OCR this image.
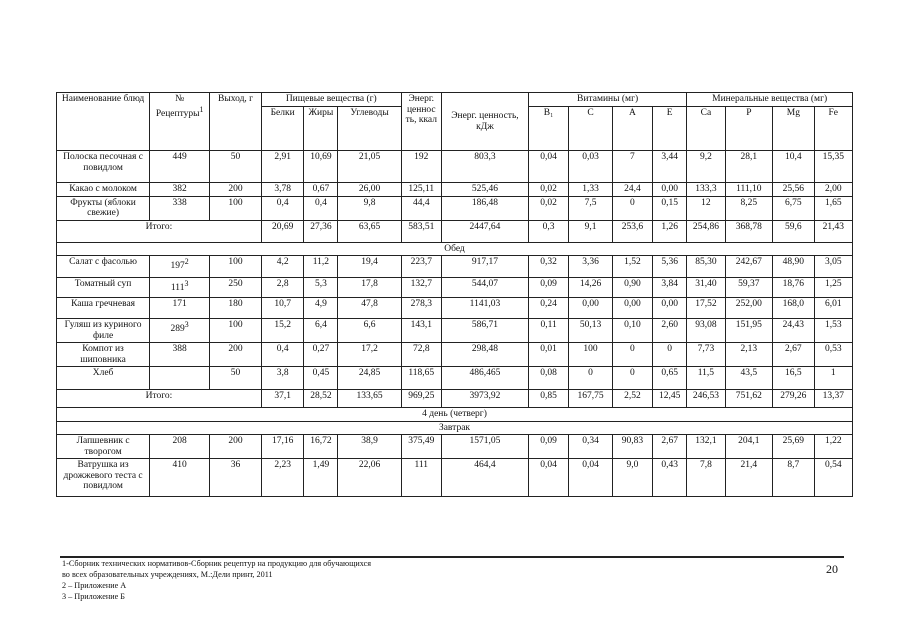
Наименование блюд	№ Рецептуры$^1$	Выход, г	Пищевые вещества (г)			Энерг. ценнос ть, ккал	Энерг. ценность, кДж	Витамины (мг)				Минеральные вещества (мг)			
			Белки	Жиры	Углеводы			B₁	C	A	E	Ca	P	Mg	Fe
Полоска песочная с повидлом	449	50	2,91	10,69	21,05	192	803,3	0,04	0,03	7	3,44	9,2	28,1	10,4	15,35
Какао с молоком	382	200	3,78	0,67	26,00	125,11	525,46	0,02	1,33	24,4	0,00	133,3	111,10	25,56	2,00
Фрукты (яблоки свежие)	338	100	0,4	0,4	9,8	44,4	186,48	0,02	7,5	0	0,15	12	8,25	6,75	1,65
Итого:			20,69	27,36	63,65	583,51	2447,64	0,3	9,1	253,6	1,26	254,86	368,78	59,6	21,43
Обед															
Салат с фасолью	$197^2$	100	4,2	11,2	19,4	223,7	917,17	0,32	3,36	1,52	5,36	85,30	242,67	48,90	3,05
Томатный суп	$111^3$	250	2,8	5,3	17,8	132,7	544,07	0,09	14,26	0,90	3,84	31,40	59,37	18,76	1,25
Каша гречневая	171	180	10,7	4,9	47,8	278,3	1141,03	0,24	0,00	0,00	0,00	17,52	252,00	168,0	6,01
Гуляш из куриного филе	$289^3$	100	15,2	6,4	6,6	143,1	586,71	0,11	50,13	0,10	2,60	93,08	151,95	24,43	1,53
Компот из шиповника	388	200	0,4	0,27	17,2	72,8	298,48	0,01	100	0	0	7,73	2,13	2,67	0,53
Хлеб		50	3,8	0,45	24,85	118,65	486,465	0,08	0	0	0,65	11,5	43,5	16,5	1
Итого:			37,1	28,52	133,65	969,25	3973,92	0,85	167,75	2,52	12,45	246,53	751,62	279,26	13,37
4 день (четверг)															
Завтрак															
Лапшевник с творогом	208	200	17,16	16,72	38,9	375,49	1571,05	0,09	0,34	90,83	2,67	132,1	204,1	25,69	1,22
Ватрушка из дрожжевого теста с повидлом	410	36	2,23	1,49	22,06	111	464,4	0,04	0,04	9,0	0,43	7,8	21,4	8,7	0,54
1-Сборник технических нормативов-Сборник рецептур на продукцию для обучающихся
во всех образовательных учреждениях, М.:Дели принт, 2011
2 – Приложение А
3 – Приложение Б
20
